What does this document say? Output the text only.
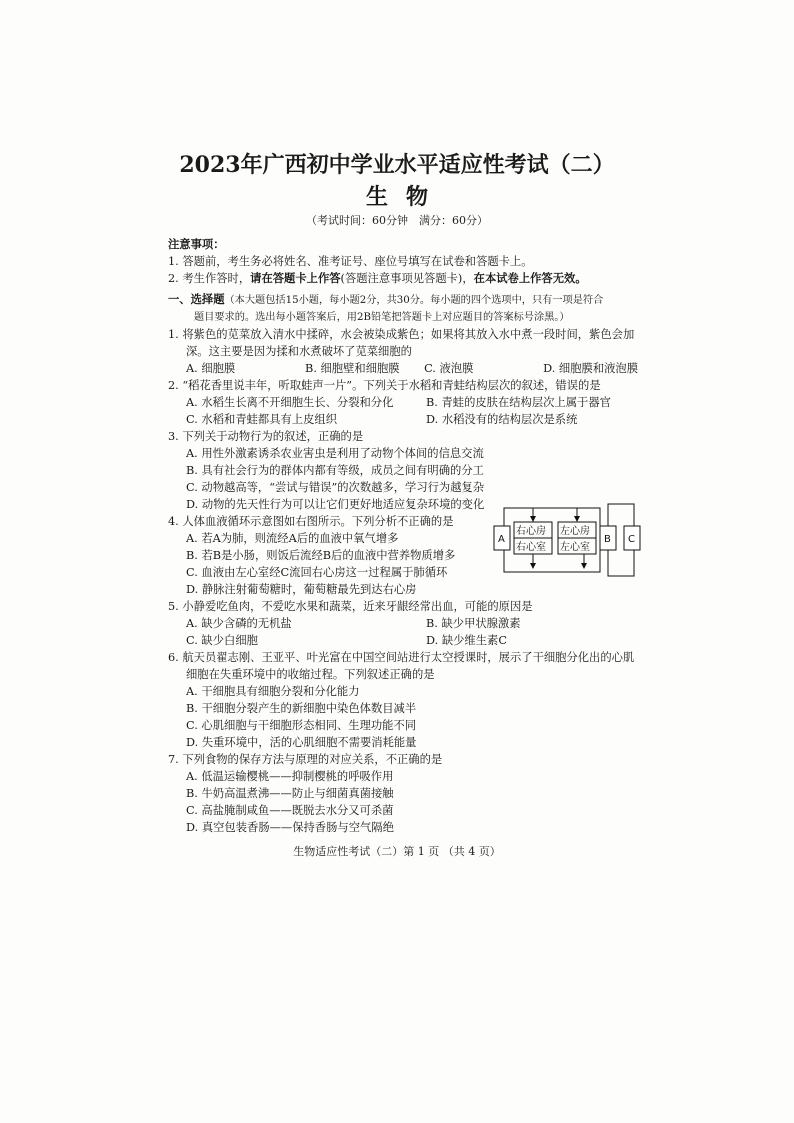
2023年广西初中学业水平适应性考试（二）
生物
（考试时间：60分钟　满分：60分）
注意事项：
1. 答题前，考生务必将姓名、准考证号、座位号填写在试卷和答题卡上。
2. 考生作答时，请在答题卡上作答(答题注意事项见答题卡)，在本试卷上作答无效。
一、选择题（本大题包括15小题，每小题2分，共30分。每小题的四个选项中，只有一项是符合
题目要求的。选出每小题答案后，用2B铅笔把答题卡上对应题目的答案标号涂黑。）
1. 将紫色的苋菜放入清水中揉碎，水会被染成紫色；如果将其放入水中煮一段时间，紫色会加
深。这主要是因为揉和水煮破坏了苋菜细胞的
A. 细胞膜	B. 细胞壁和细胞膜	C. 液泡膜	D. 细胞膜和液泡膜
2. “稻花香里说丰年，听取蛙声一片”。下列关于水稻和青蛙结构层次的叙述，错误的是
A. 水稻生长离不开细胞生长、分裂和分化	B. 青蛙的皮肤在结构层次上属于器官
C. 水稻和青蛙都具有上皮组织	D. 水稻没有的结构层次是系统
3. 下列关于动物行为的叙述，正确的是
A. 用性外激素诱杀农业害虫是利用了动物个体间的信息交流
B. 具有社会行为的群体内都有等级，成员之间有明确的分工
C. 动物越高等，“尝试与错误”的次数越多，学习行为越复杂
D. 动物的先天性行为可以让它们更好地适应复杂环境的变化
4. 人体血液循环示意图如右图所示。下列分析不正确的是
A. 若A为肺，则流经A后的血液中氧气增多
B. 若B是小肠，则饭后流经B后的血液中营养物质增多
C. 血液由左心室经C流回右心房这一过程属于肺循环
D. 静脉注射葡萄糖时，葡萄糖最先到达右心房
5. 小静爱吃鱼肉，不爱吃水果和蔬菜，近来牙龈经常出血，可能的原因是
A. 缺少含磷的无机盐	B. 缺少甲状腺激素
C. 缺少白细胞	D. 缺少维生素C
6. 航天员翟志刚、王亚平、叶光富在中国空间站进行太空授课时，展示了干细胞分化出的心肌
细胞在失重环境中的收缩过程。下列叙述正确的是
A. 干细胞具有细胞分裂和分化能力
B. 干细胞分裂产生的新细胞中染色体数目减半
C. 心肌细胞与干细胞形态相同、生理功能不同
D. 失重环境中，活的心肌细胞不需要消耗能量
7. 下列食物的保存方法与原理的对应关系，不正确的是
A. 低温运输樱桃——抑制樱桃的呼吸作用
B. 牛奶高温煮沸——防止与细菌真菌接触
C. 高盐腌制咸鱼——既脱去水分又可杀菌
D. 真空包装香肠——保持香肠与空气隔绝
A	B C
右心房 左心房
右心室 左心室
生物适应性考试（二）第 1 页 （共 4 页）
